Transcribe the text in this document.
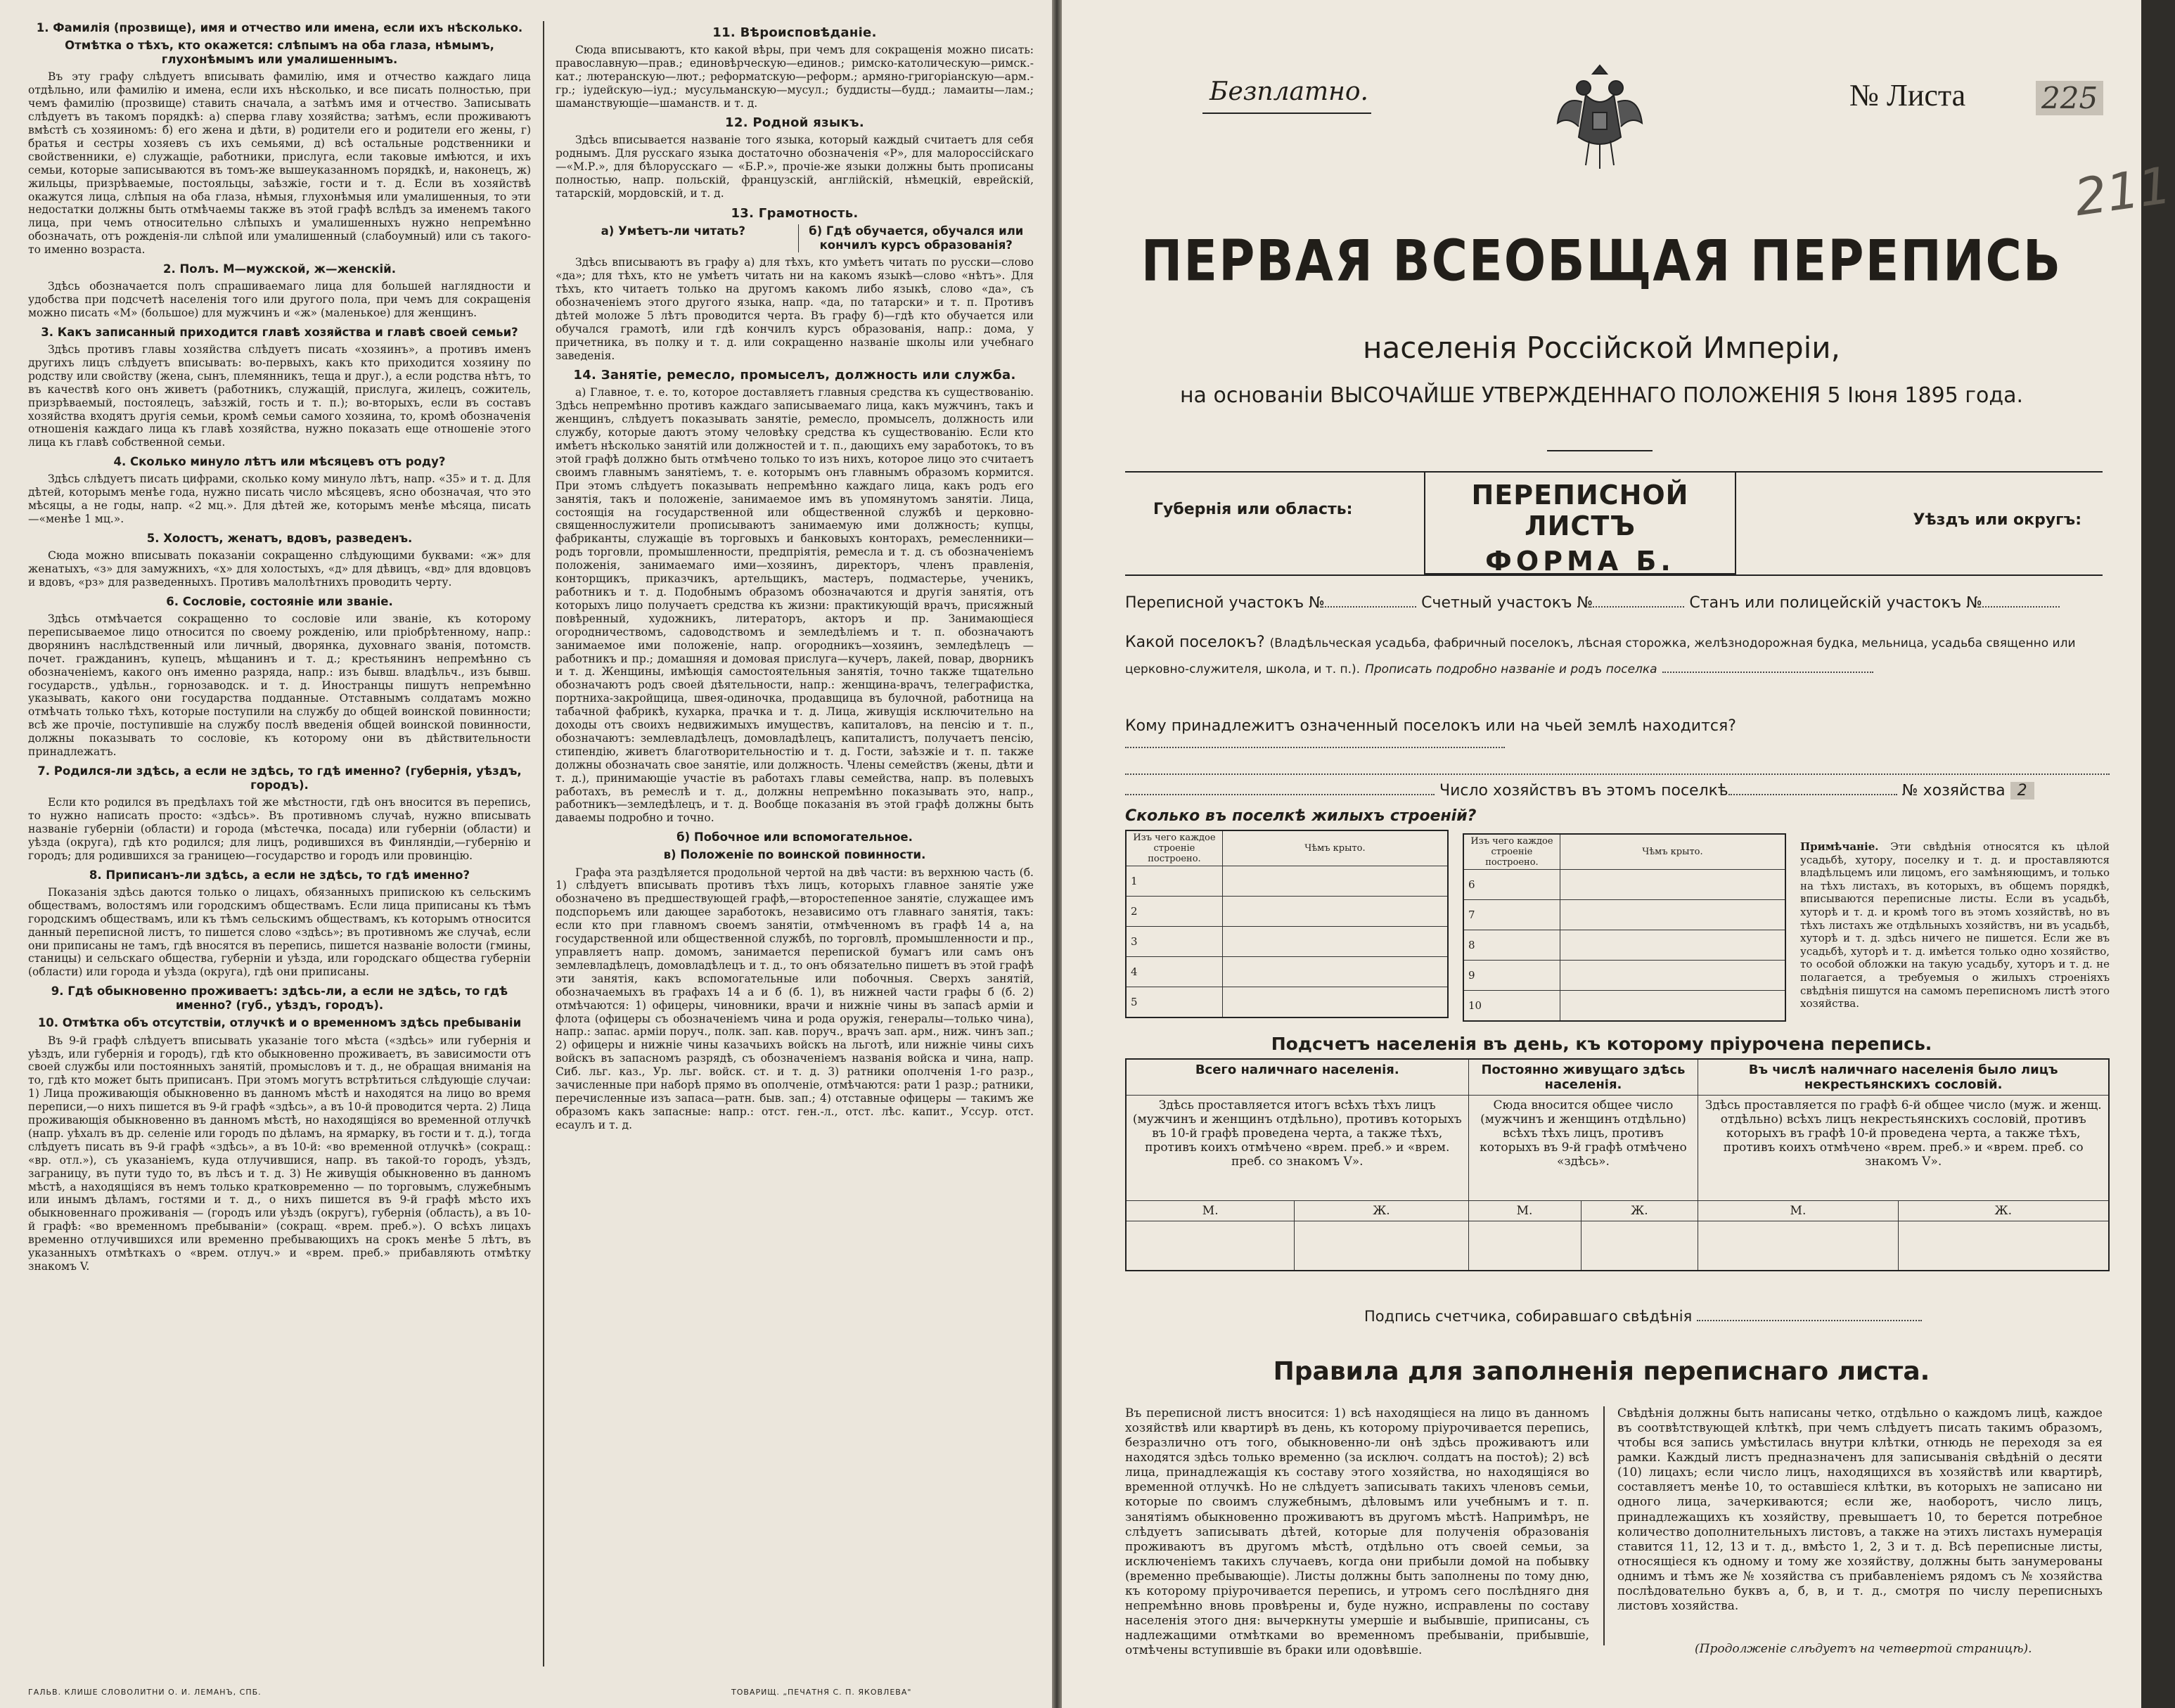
1. Фамилія (прозвище), имя и отчество или имена, если ихъ нѣсколько.
Отмѣтка о тѣхъ, кто окажется: слѣпымъ на оба глаза, нѣмымъ, глухонѣмымъ или умалишеннымъ.

Въ эту графу слѣдуетъ вписывать фамилію, имя и отчество каждаго лица отдѣльно, или фамилію и имена, если ихъ нѣсколько, и все писать полностью, при чемъ фамилію (прозвище) ставить сначала, а затѣмъ имя и отчество. Записывать слѣдуетъ въ такомъ порядкѣ: а) сперва главу хозяйства; затѣмъ, если проживаютъ вмѣстѣ съ хозяиномъ: б) его жена и дѣти, в) родители его и родители его жены, г) братья и сестры хозяевъ съ ихъ семьями, д) всѣ остальные родственники и свойственники, е) служащіе, работники, прислуга, если таковые имѣются, и ихъ семьи, которые записываются въ томъ-же вышеуказанномъ порядкѣ, и, наконецъ, ж) жильцы, призрѣваемые, постояльцы, заѣзжіе, гости и т. д. Если въ хозяйствѣ окажутся лица, слѣпыя на оба глаза, нѣмыя, глухонѣмыя или умалишенныя, то эти недостатки должны быть отмѣчаемы также въ этой графѣ вслѣдъ за именемъ такого лица, при чемъ относительно слѣпыхъ и умалишенныхъ нужно непремѣнно обозначать, отъ рожденія-ли слѣпой или умалишенный (слабоумный) или съ такого-то именно возраста.

2. Полъ. М—мужской, ж—женскій.

Здѣсь обозначается полъ спрашиваемаго лица для большей наглядности и удобства при подсчетѣ населенія того или другого пола, при чемъ для сокращенія можно писать «М» (большое) для мужчинъ и «ж» (маленькое) для женщинъ.

3. Какъ записанный приходится главѣ хозяйства и главѣ своей семьи?

Здѣсь противъ главы хозяйства слѣдуетъ писать «хозяинъ», а противъ именъ другихъ лицъ слѣдуетъ вписывать: во-первыхъ, какъ кто приходится хозяину по родству или свойству (жена, сынъ, племянникъ, теща и друг.), а если родства нѣтъ, то въ качествѣ кого онъ живетъ (работникъ, служащій, прислуга, жилецъ, сожитель, призрѣваемый, постоялецъ, заѣзжій, гость и т. п.); во-вторыхъ, если въ составъ хозяйства входятъ другія семьи, кромѣ семьи самого хозяина, то, кромѣ обозначенія отношенія каждаго лица къ главѣ хозяйства, нужно показать еще отношеніе этого лица къ главѣ собственной семьи.

4. Сколько минуло лѣтъ или мѣсяцевъ отъ роду?

Здѣсь слѣдуетъ писать цифрами, сколько кому минуло лѣтъ, напр. «35» и т. д. Для дѣтей, которымъ менѣе года, нужно писать число мѣсяцевъ, ясно обозначая, что это мѣсяцы, а не годы, напр. «2 мц.». Для дѣтей же, которымъ менѣе мѣсяца, писать—«менѣе 1 мц.».

5. Холостъ, женатъ, вдовъ, разведенъ.

Сюда можно вписывать показаніи сокращенно слѣдующими буквами: «ж» для женатыхъ, «з» для замужнихъ, «х» для холостыхъ, «д» для дѣвицъ, «вд» для вдовцовъ и вдовъ, «рз» для разведенныхъ. Противъ малолѣтнихъ проводить черту.

6. Сословіе, состояніе или званіе.

Здѣсь отмѣчается сокращенно то сословіе или званіе, къ которому переписываемое лицо относится по своему рожденію, или пріобрѣтенному, напр.: дворянинъ наслѣдственный или личный, дворянка, духовнаго званія, потомств. почет. гражданинъ, купецъ, мѣщанинъ и т. д.; крестьянинъ непремѣнно съ обозначеніемъ, какого онъ именно разряда, напр.: изъ бывш. владѣльч., изъ бывш. государств., удѣльн., горнозаводск. и т. д. Иностранцы пишутъ непремѣнно указывать, какого они государства подданные. Отставнымъ солдатамъ можно отмѣчать только тѣхъ, которые поступили на службу до общей воинской повинности; всѣ же прочіе, поступившіе на службу послѣ введенія общей воинской повинности, должны показывать то сословіе, къ которому они въ дѣйствительности принадлежатъ.

7. Родился-ли здѣсь, а если не здѣсь, то гдѣ именно? (губернія, уѣздъ, городъ).

Если кто родился въ предѣлахъ той же мѣстности, гдѣ онъ вносится въ перепись, то нужно написать просто: «здѣсь». Въ противномъ случаѣ, нужно вписывать названіе губерніи (области) и города (мѣстечка, посада) или губерніи (области) и уѣзда (округа), гдѣ кто родился; для лицъ, родившихся въ Финляндіи,—губернію и городъ; для родившихся за границею—государство и городъ или провинцію.

8. Приписанъ-ли здѣсь, а если не здѣсь, то гдѣ именно?

Показанія здѣсь даются только о лицахъ, обязанныхъ припискою къ сельскимъ обществамъ, волостямъ или городскимъ обществамъ. Если лица приписаны къ тѣмъ городскимъ обществамъ, или къ тѣмъ сельскимъ обществамъ, къ которымъ относится данный переписной листъ, то пишется слово «здѣсь»; въ противномъ же случаѣ, если они приписаны не тамъ, гдѣ вносятся въ перепись, пишется названіе волости (гмины, станицы) и сельскаго общества, губерніи и уѣзда, или городскаго общества губерніи (области) или города и уѣзда (округа), гдѣ они приписаны.

9. Гдѣ обыкновенно проживаетъ: здѣсь-ли, а если не здѣсь, то гдѣ именно? (губ., уѣздъ, городъ).
10. Отмѣтка объ отсутствіи, отлучкѣ и о временномъ здѣсь пребываніи

Въ 9-й графѣ слѣдуетъ вписывать указаніе того мѣста («здѣсь» или губернія и уѣздъ, или губернія и городъ), гдѣ кто обыкновенно проживаетъ, въ зависимости отъ своей службы или постоянныхъ занятій, промысловъ и т. д., не обращая вниманія на то, гдѣ кто может быть приписанъ. При этомъ могутъ встрѣтиться слѣдующіе случаи: 1) Лица проживающія обыкновенно въ данномъ мѣстѣ и находятся на лицо во время переписи,—о нихъ пишется въ 9-й графѣ «здѣсь», а въ 10-й проводится черта. 2) Лица проживающія обыкновенно въ данномъ мѣстѣ, но находящіяся во временной отлучкѣ (напр. уѣхалъ въ др. селеніе или городъ по дѣламъ, на ярмарку, въ гости и т. д.), тогда слѣдуетъ писать въ 9-й графѣ «здѣсь», а въ 10-й: «во временной отлучкѣ» (сокращ.: «вр. отл.»), съ указаніемъ, куда отлучившися, напр. въ такой-то городъ, уѣздъ, заграницу, въ пути тудо то, въ лѣсъ и т. д. 3) Не живущія обыкновенно въ данномъ мѣстѣ, а находящіяся въ немъ только кратковременно — по торговымъ, служебнымъ или инымъ дѣламъ, гостями и т. д., о нихъ пишется въ 9-й графѣ мѣсто ихъ обыкновеннаго проживанія — (городъ или уѣздъ (округъ), губернія (область), а въ 10-й графѣ: «во временномъ пребываніи» (сокращ. «врем. преб.»). О всѣхъ лицахъ временно отлучившихся или временно пребывающихъ на срокъ менѣе 5 лѣтъ, въ указанныхъ отмѣткахъ о «врем. отлуч.» и «врем. преб.» прибавляють отмѣтку знакомъ V.

11. Вѣроисповѣданіе.

Сюда вписываютъ, кто какой вѣры, при чемъ для сокращенія можно писать: православную—прав.; единовѣрческую—единов.; римско-католическую—римск.-кат.; лютеранскую—лют.; реформатскую—реформ.; армяно-григоріанскую—арм.-гр.; іудейскую—іуд.; мусульманскую—мусул.; буддисты—будд.; ламаиты—лам.; шаманствующіе—шаманств. и т. д.

12. Родной языкъ.

Здѣсь вписывается названіе того языка, который каждый считаетъ для себя роднымъ. Для русскаго языка достаточно обозначенія «Р», для малороссійскаго—«М.Р.», для бѣлорусскаго — «Б.Р.», прочіе-же языки должны быть прописаны полностью, напр. польскій, французскій, англійскій, нѣмецкій, еврейскій, татарскій, мордовскій, и т. д.

13. Грамотность.
а) Умѣетъ-ли читать?	б) Гдѣ обучается, обучался или кончилъ курсъ образованія?

Здѣсь вписываютъ въ графу а) для тѣхъ, кто умѣетъ читать по русски—слово «да»; для тѣхъ, кто не умѣетъ читать ни на какомъ языкѣ—слово «нѣтъ». Для тѣхъ, кто читаетъ только на другомъ какомъ либо языкѣ, слово «да», съ обозначеніемъ этого другого языка, напр. «да, по татарски» и т. п. Противъ дѣтей моложе 5 лѣтъ проводится черта. Въ графу б)—гдѣ кто обучается или обучался грамотѣ, или гдѣ кончилъ курсъ образованія, напр.: дома, у причетника, въ полку и т. д. или сокращенно названіе школы или учебнаго заведенія.

14. Занятіе, ремесло, промыселъ, должность или служба.

а) Главное, т. е. то, которое доставляетъ главныя средства къ существованію. Здѣсь непремѣнно противъ каждаго записываемаго лица, какъ мужчинъ, такъ и женщинъ, слѣдуетъ показывать занятіе, ремесло, промыселъ, должность или службу, которые даютъ этому человѣку средства къ существованію. Если кто имѣетъ нѣсколько занятій или должностей и т. п., дающихъ ему заработокъ, то въ этой графѣ должно быть отмѣчено только то изъ нихъ, которое лицо это считаетъ своимъ главнымъ занятіемъ, т. е. которымъ онъ главнымъ образомъ кормится. При этомъ слѣдуетъ показывать непремѣнно каждаго лица, какъ родъ его занятія, такъ и положеніе, занимаемое имъ въ упомянутомъ занятіи. Лица, состоящія на государственной или общественной службѣ и церковно-священнослужители прописываютъ занимаемую ими должность; купцы, фабриканты, служащіе въ торговыхъ и банковыхъ конторахъ, ремесленники—родъ торговли, промышленности, предпріятія, ремесла и т. д. съ обозначеніемъ положенія, занимаемаго ими—хозяинъ, директоръ, членъ правленія, конторщикъ, приказчикъ, артельщикъ, мастеръ, подмастерье, ученикъ, работникъ и т. д. Подобнымъ образомъ обозначаются и другія занятія, отъ которыхъ лицо получаетъ средства къ жизни: практикующій врачъ, присяжный повѣренный, художникъ, литераторъ, акторъ и пр. Занимающіеся огородничествомъ, садоводствомъ и земледѣліемъ и т. п. обозначаютъ занимаемое ими положеніе, напр. огородникъ—хозяинъ, земледѣлецъ — работникъ и пр.; домашняя и домовая прислуга—кучеръ, лакей, повар, дворникъ и т. д. Женщины, имѣющія самостоятельныя занятія, точно также тщательно обозначаютъ родъ своей дѣятельности, напр.: женщина-врачъ, телеграфистка, портниха-закройщица, швея-одиночка, продавщица въ булочной, работница на табачной фабрикѣ, кухарка, прачка и т. д. Лица, живущія исключительно на доходы отъ своихъ недвижимыхъ имуществъ, капиталовъ, на пенсію и т. п., обозначаютъ: землевладѣлецъ, домовладѣлецъ, капиталистъ, получаетъ пенсію, стипендію, живетъ благотворительностію и т. д. Гости, заѣзжіе и т. п. также должны обозначать свое занятіе, или должность. Члены семействъ (жены, дѣти и т. д.), принимающіе участіе въ работахъ главы семейства, напр. въ полевыхъ работахъ, въ ремеслѣ и т. д., должны непремѣнно показывать это, напр., работникъ—земледѣлецъ, и т. д. Вообще показанія въ этой графѣ должны быть даваемы подробно и точно.

б) Побочное или вспомогательное.
в) Положеніе по воинской повинности.

Графа эта раздѣляется продольной чертой на двѣ части: въ верхнюю часть (б. 1) слѣдуетъ вписывать противъ тѣхъ лицъ, которыхъ главное занятіе уже обозначено въ предшествующей графѣ,—второстепенное занятіе, служащее имъ подспорьемъ или дающее заработокъ, независимо отъ главнаго занятія, такъ: если кто при главномъ своемъ занятіи, отмѣченномъ въ графѣ 14 а, на государственной или общественной службѣ, по торговлѣ, промышленности и пр., управляетъ напр. домомъ, занимается перепиской бумагъ или самъ онъ землевладѣлецъ, домовладѣлецъ и т. д., то онъ обязательно пишетъ въ этой графѣ эти занятія, какъ вспомогательные или побочныя. Сверхъ занятій, обозначаемыхъ въ графахъ 14 а и б (б. 1), въ нижней части графы б (б. 2) отмѣчаются: 1) офицеры, чиновники, врачи и нижніе чины въ запасѣ арміи и флота (офицеры съ обозначеніемъ чина и рода оружія, генералы—только чина), напр.: запас. арміи поруч., полк. зап. кав. поруч., врачъ зап. арм., ниж. чинъ зап.; 2) офицеры и нижніе чины казачьихъ войскъ на льготѣ, или нижніе чины сихъ войскъ въ запасномъ разрядѣ, съ обозначеніемъ названія войска и чина, напр. Сиб. льг. каз., Ур. льг. войск. ст. и т. д. 3) ратники ополченія 1-го разр., зачисленные при наборѣ прямо въ ополченіе, отмѣчаются: рати 1 разр.; ратники, перечисленные изъ запаса—ратн. быв. зап.; 4) отставные офицеры — такимъ же образомъ какъ запасные: напр.: отст. ген.-л., отст. лѣс. капит., Уссур. отст. есаулъ и т. д.

ГАЛЬВ. КЛИШЕ СЛОВОЛИТНИ О. И. ЛЕМАНЪ, СПБ.	ТОВАРИЩ. „ПЕЧАТНЯ С. П. ЯКОВЛЕВА"
Безплатно.	№ Листа	225
211
ПЕРВАЯ ВСЕОБЩАЯ ПЕРЕПИСЬ
населенія Россійской Имперіи,
на основаніи ВЫСОЧАЙШЕ УТВЕРЖДЕННАГО ПОЛОЖЕНІЯ 5 Іюня 1895 года.
Губернія или область:	ПЕРЕПИСНОЙ ЛИСТЪ
ФОРМА Б.
Уѣздъ или округъ:
Переписной участокъ №	Счетный участокъ №	Станъ или полицейскій участокъ №
Какой поселокъ? (Владѣльческая усадьба, фабричный поселокъ, лѣсная сторожка, желѣзнодорожная будка, мельница, усадьба священно или церковно-служителя, школа, и т. п.). Прописать подробно названіе и родъ поселка
Кому принадлежитъ означенный поселокъ или на чьей землѣ находится?
Число хозяйствъ въ этомъ поселкѣ	№ хозяйства 2
Сколько въ поселкѣ жилыхъ строеній?
Изъ чего каждое строеніе построено.	Чѣмъ крыто.
1	
2	
3	
4	
5	
Изъ чего каждое строеніе построено.	Чѣмъ крыто.
6	
7	
8	
9	
10	
Примѣчаніе. Эти свѣдѣнія относятся къ цѣлой усадьбѣ, хутору, поселку и т. д. и проставляются владѣльцемъ или лицомъ, его замѣняющимъ, и только на тѣхъ листахъ, въ которыхъ, въ общемъ порядкѣ, вписываются переписные листы. Если въ усадьбѣ, хуторѣ и т. д. и кромѣ того въ этомъ хозяйствѣ, но въ тѣхъ листахъ же отдѣльныхъ хозяйствъ, ни въ усадьбѣ, хуторѣ и т. д. здѣсь ничего не пишется. Если же въ усадьбѣ, хуторѣ и т. д. имѣется только одно хозяйство, то особой обложки на такую усадьбу, хуторъ и т. д. не полагается, а требуемыя о жилыхъ строеніяхъ свѣдѣнія пишутся на самомъ переписномъ листѣ этого хозяйства.
Подсчетъ населенія въ день, къ которому пріурочена перепись.
Всего наличнаго населенія.		Постоянно живущаго здѣсь населенія.		Въ числѣ наличнаго населенія было лицъ некрестьянскихъ сословій.	
Здѣсь проставляется итогъ всѣхъ тѣхъ лицъ (мужчинъ и женщинъ отдѣльно), противъ которыхъ въ 10-й графѣ проведена черта, а также тѣхъ, противъ коихъ отмѣчено «врем. преб.» и «врем. преб. со знакомъ V».		Сюда вносится общее число (мужчинъ и женщинъ отдѣльно) всѣхъ тѣхъ лицъ, противъ которыхъ въ 9-й графѣ отмѣчено «здѣсь».		Здѣсь проставляется по графѣ 6-й общее число (муж. и женщ. отдѣльно) всѣхъ лицъ некрестьянскихъ сословій, противъ которыхъ въ графѣ 10-й проведена черта, а также тѣхъ, противъ коихъ отмѣчено «врем. преб.» и «врем. преб. со знакомъ V».	
М.	Ж.	М.	Ж.	М.	Ж.

Подпись счетчика, собиравшаго свѣдѣнія
Правила для заполненія переписнаго листа.
Въ переписной листъ вносится: 1) всѣ находящіеся на лицо въ данномъ хозяйствѣ или квартирѣ въ день, къ которому пріурочивается перепись, безразлично отъ того, обыкновенно-ли онѣ здѣсь проживаютъ или находятся здѣсь только временно (за исключ. солдатъ на постоѣ); 2) всѣ лица, принадлежащія къ составу этого хозяйства, но находящіяся во временной отлучкѣ. Но не слѣдуетъ записывать такихъ членовъ семьи, которые по своимъ служебнымъ, дѣловымъ или учебнымъ и т. п. занятіямъ обыкновенно проживаютъ въ другомъ мѣстѣ. Напримѣръ, не слѣдуетъ записывать дѣтей, которые для полученія образованія проживаютъ въ другомъ мѣстѣ, отдѣльно отъ своей семьи, за исключеніемъ такихъ случаевъ, когда они прибыли домой на побывку (временно пребывающіе). Листы должны быть заполнены по тому дню, къ которому пріурочивается перепись, и утромъ сего послѣдняго дня непремѣнно вновь провѣрены и, буде нужно, исправлены по составу населенія этого дня: вычеркнуты умершіе и выбывшіе, приписаны, съ надлежащими отмѣтками во временномъ пребываніи, прибывшіе, отмѣчены вступившіе въ браки или одовѣвшіе.
Свѣдѣнія должны быть написаны четко, отдѣльно о каждомъ лицѣ, каждое въ соотвѣтствующей клѣткѣ, при чемъ слѣдуетъ писать такимъ образомъ, чтобы вся запись умѣстилась внутри клѣтки, отнюдь не переходя за ея рамки. Каждый листъ предназначенъ для записыванія свѣдѣній о десяти (10) лицахъ; если число лицъ, находящихся въ хозяйствѣ или квартирѣ, составляетъ менѣе 10, то оставшіеся клѣтки, въ которыхъ не записано ни одного лица, зачеркиваются; если же, наоборотъ, число лицъ, принадлежащихъ къ хозяйству, превышаетъ 10, то берется потребное количество дополнительныхъ листовъ, а также на этихъ листахъ нумерація ставится 11, 12, 13 и т. д., вмѣсто 1, 2, 3 и т. д. Всѣ переписные листы, относящіеся къ одному и тому же хозяйству, должны быть занумерованы однимъ и тѣмъ же № хозяйства съ прибавленіемъ рядомъ съ № хозяйства послѣдовательно буквъ а, б, в, и т. д., смотря по числу переписныхъ листовъ хозяйства.
(Продолженіе слѣдуетъ на четвертой страницѣ).
